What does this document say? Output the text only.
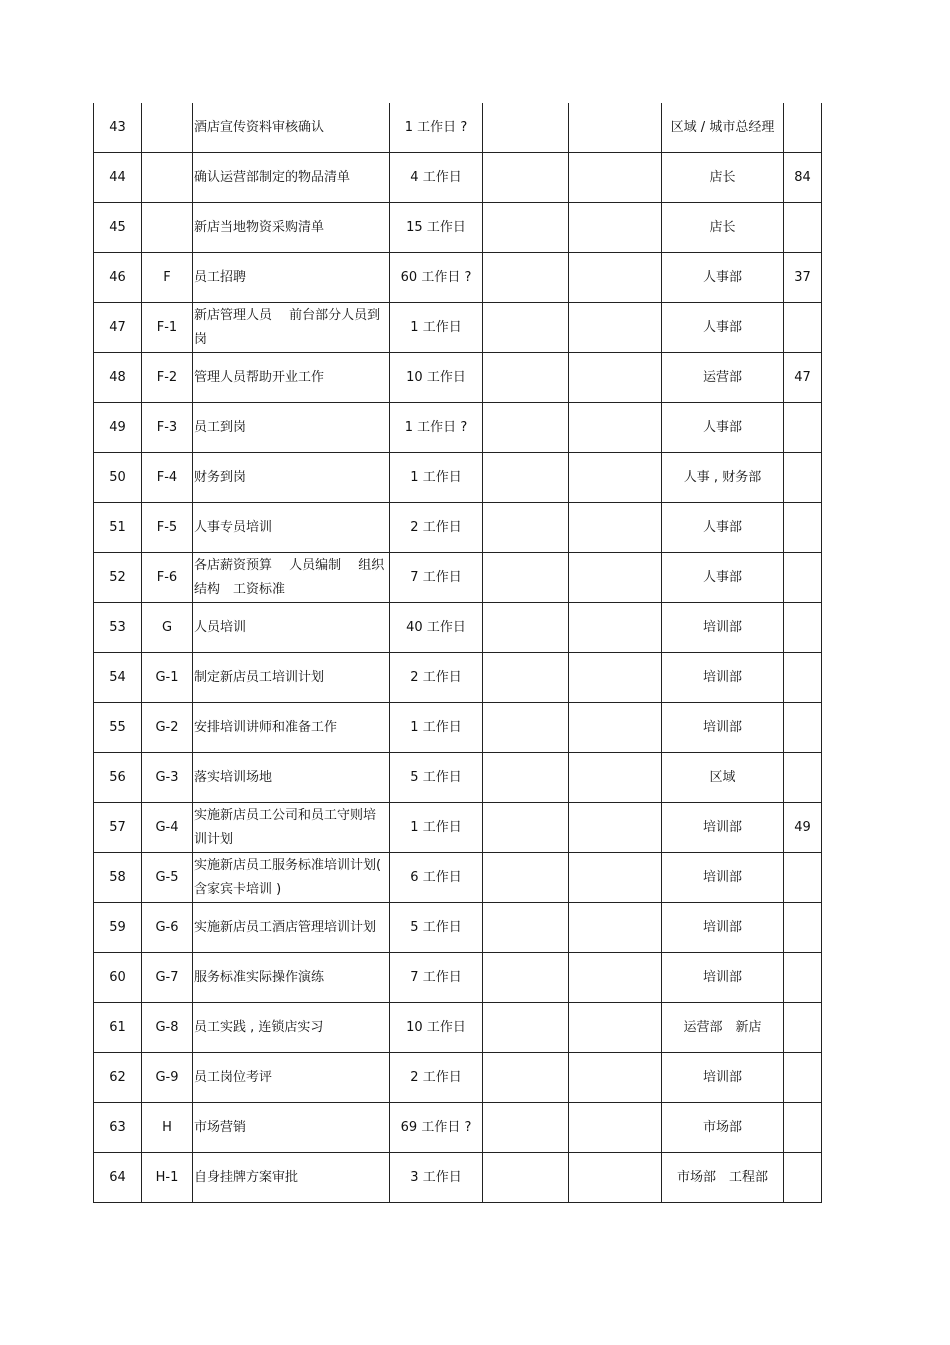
43		酒店宣传资料审核确认	1 工作日 ?			区域 / 城市总经理	
44		确认运营部制定的物品清单	4 工作日			店长	84
45		新店当地物资采购清单	15 工作日			店长	
46	F	员工招聘	60 工作日 ?			人事部	37
47	F-1	新店管理人员　 前台部分人员到岗	1 工作日			人事部	
48	F-2	管理人员帮助开业工作	10 工作日			运营部	47
49	F-3	员工到岗	1 工作日 ?			人事部	
50	F-4	财务到岗	1 工作日			人事 , 财务部	
51	F-5	人事专员培训	2 工作日			人事部	
52	F-6	各店薪资预算　 人员编制　 组织结构　工资标准	7 工作日			人事部	
53	G	人员培训	40 工作日			培训部	
54	G-1	制定新店员工培训计划	2 工作日			培训部	
55	G-2	安排培训讲师和准备工作	1 工作日			培训部	
56	G-3	落实培训场地	5 工作日			区域	
57	G-4	实施新店员工公司和员工守则培训计划	1 工作日			培训部	49
58	G-5	实施新店员工服务标准培训计划( 含家宾卡培训 )	6 工作日			培训部	
59	G-6	实施新店员工酒店管理培训计划	5 工作日			培训部	
60	G-7	服务标准实际操作演练	7 工作日			培训部	
61	G-8	员工实践 , 连锁店实习	10 工作日			运营部　新店	
62	G-9	员工岗位考评	2 工作日			培训部	
63	H	市场营销	69 工作日 ?			市场部	
64	H-1	自身挂牌方案审批	3 工作日			市场部　工程部	
